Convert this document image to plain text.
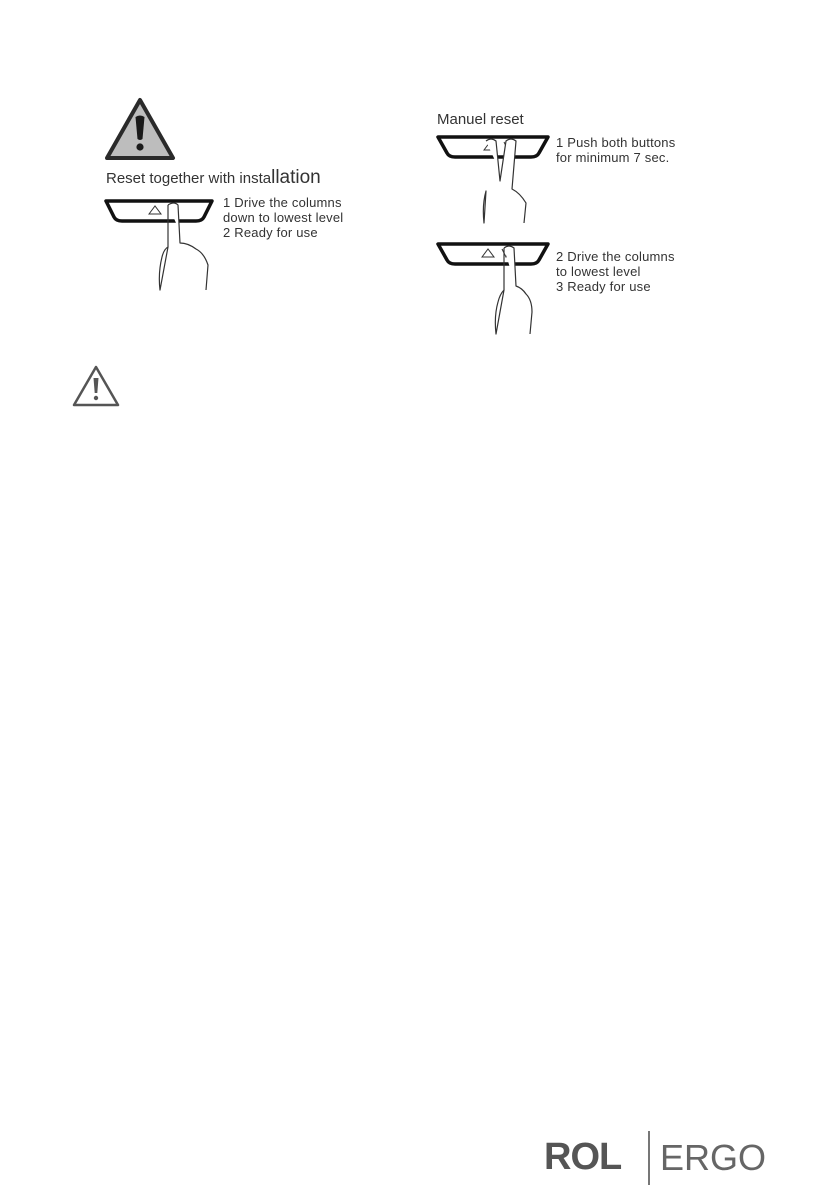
Reset together with installation
1 Drive the columns
down to lowest level
2 Ready for use
Manuel reset
1 Push both buttons
for minimum 7 sec.
2 Drive the columns
to lowest level
3 Ready for use
ROL ERGO
